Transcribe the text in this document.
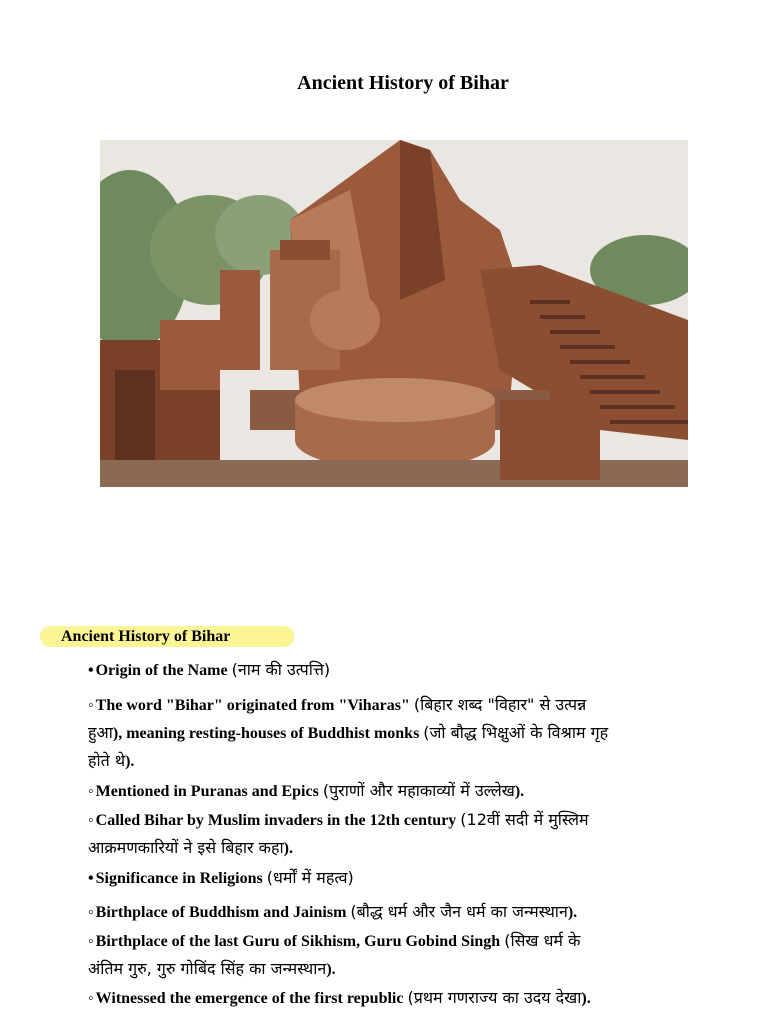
Ancient History of Bihar
Ancient History of Bihar
• Origin of the Name (नाम की उत्पत्ति)
◦ The word "Bihar" originated from "Viharas" (बिहार शब्द "विहार" से उत्पन्न
हुआ), meaning resting-houses of Buddhist monks (जो बौद्ध भिक्षुओं के विश्राम गृह
होते थे).
◦ Mentioned in Puranas and Epics (पुराणों और महाकाव्यों में उल्लेख).
◦ Called Bihar by Muslim invaders in the 12th century (12वीं सदी में मुस्लिम
आक्रमणकारियों ने इसे बिहार कहा).
• Significance in Religions (धर्मों में महत्व)
◦ Birthplace of Buddhism and Jainism (बौद्ध धर्म और जैन धर्म का जन्मस्थान).
◦ Birthplace of the last Guru of Sikhism, Guru Gobind Singh (सिख धर्म के
अंतिम गुरु, गुरु गोबिंद सिंह का जन्मस्थान).
◦ Witnessed the emergence of the first republic (प्रथम गणराज्य का उदय देखा).
